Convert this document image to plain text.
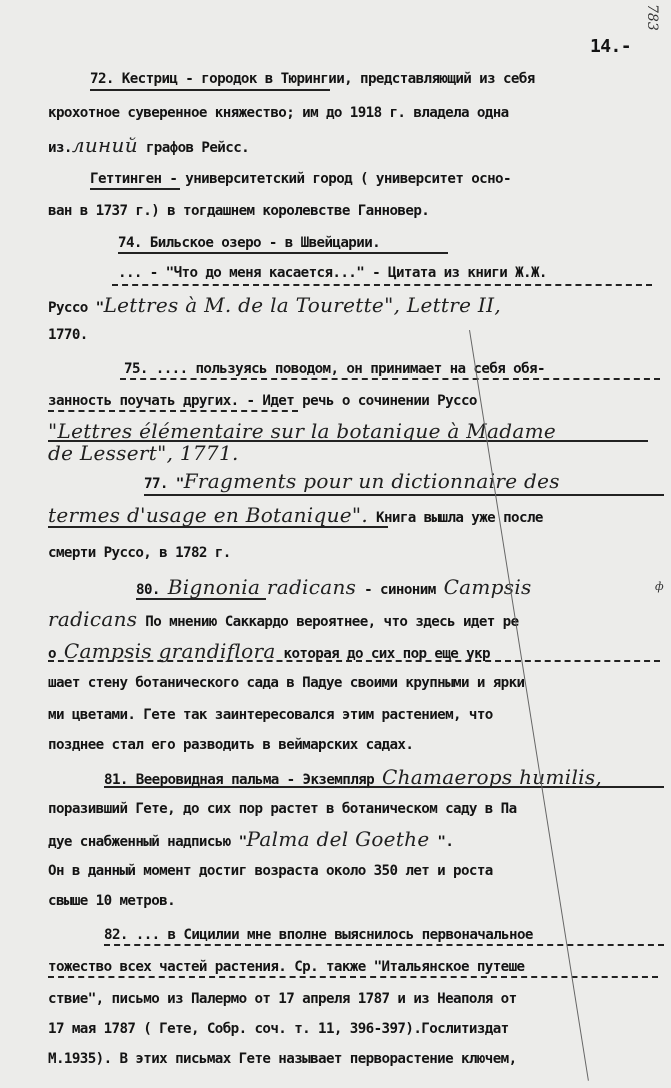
783
14.-
ф
72. Кестриц - городок в Тюрингии, представляющий из себя
крохотное суверенное княжество; им до 1918 г. владела одна
из.линий графов Рейсс.
Геттинген - университетский город ( университет осно-
ван в 1737 г.) в тогдашнем королевстве Ганновер.
74. Бильское озеро - в Швейцарии.
... - "Что до меня касается..." - Цитата из книги Ж.Ж.
Руссо "Lettres à M. de la Tourette", Lettre II,
1770.
75. .... пользуясь поводом, он принимает на себя обя-
занность поучать других. - Идет речь о сочинении Руссо
"Lettres élémentaire sur la botanique à Madame
de Lessert", 1771.
77. "Fragments pour un dictionnaire des
termes d'usage en Botanique". Книга вышла уже после
смерти Руссо, в 1782 г.
80. Bignonia radicans - синоним Campsis
radicans По мнению Саккардо вероятнее, что здесь идет ре
о Campsis grandiflora которая до сих пор еще укр
шает стену ботанического сада в Падуе своими крупными и ярки
ми цветами. Гете так заинтересовался этим растением, что
позднее стал его разводить в веймарских садах.
81. Вееровидная пальма - Экземпляр Chamaerops humilis,
поразивший Гете, до сих пор растет в ботаническом саду в Па
дуе снабженный надписью "Palma del Goethe ".
Он в данный момент достиг возраста около 350 лет и роста
свыше 10 метров.
82. ... в Сицилии мне вполне выяснилось первоначальное
тожество всех частей растения. Ср. также "Итальянское путеше
ствие", письмо из Палермо от 17 апреля 1787 и из Неаполя от
17 мая 1787 ( Гете, Собр. соч. т. 11, 396-397).Гослитиздат
М.1935). В этих письмах Гете называет перворастение ключем,
